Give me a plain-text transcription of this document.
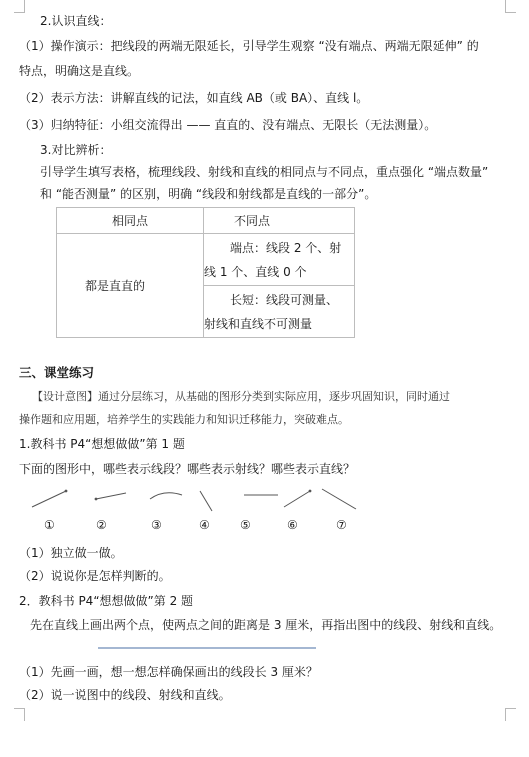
2.认识直线：
（1）操作演示：把线段的两端无限延长，引导学生观察 “没有端点、两端无限延伸” 的
特点，明确这是直线。
（2）表示方法：讲解直线的记法，如直线 AB（或 BA）、直线 l。
（3）归纳特征：小组交流得出 —— 直直的、没有端点、无限长（无法测量）。
3.对比辨析：
引导学生填写表格，梳理线段、射线和直线的相同点与不同点，重点强化 “端点数量”
和 “能否测量” 的区别，明确 “线段和射线都是直线的一部分”。
相同点	不同点
都是直直的	端点：线段 2 个、射
线 1 个、直线 0 个

	长短：线段可测量、
射线和直线不可测量
三、课堂练习
【设计意图】通过分层练习，从基础的图形分类到实际应用，逐步巩固知识，同时通过
操作题和应用题，培养学生的实践能力和知识迁移能力，突破难点。
1.教科书 P4“想想做做”第 1 题
下面的图形中，哪些表示线段？哪些表示射线？哪些表示直线？
①	②	③	④	⑤	⑥	⑦
（1）独立做一做。
（2）说说你是怎样判断的。
2．教科书 P4“想想做做”第 2 题
先在直线上画出两个点，使两点之间的距离是 3 厘米，再指出图中的线段、射线和直线。
（1）先画一画，想一想怎样确保画出的线段长 3 厘米？
（2）说一说图中的线段、射线和直线。
